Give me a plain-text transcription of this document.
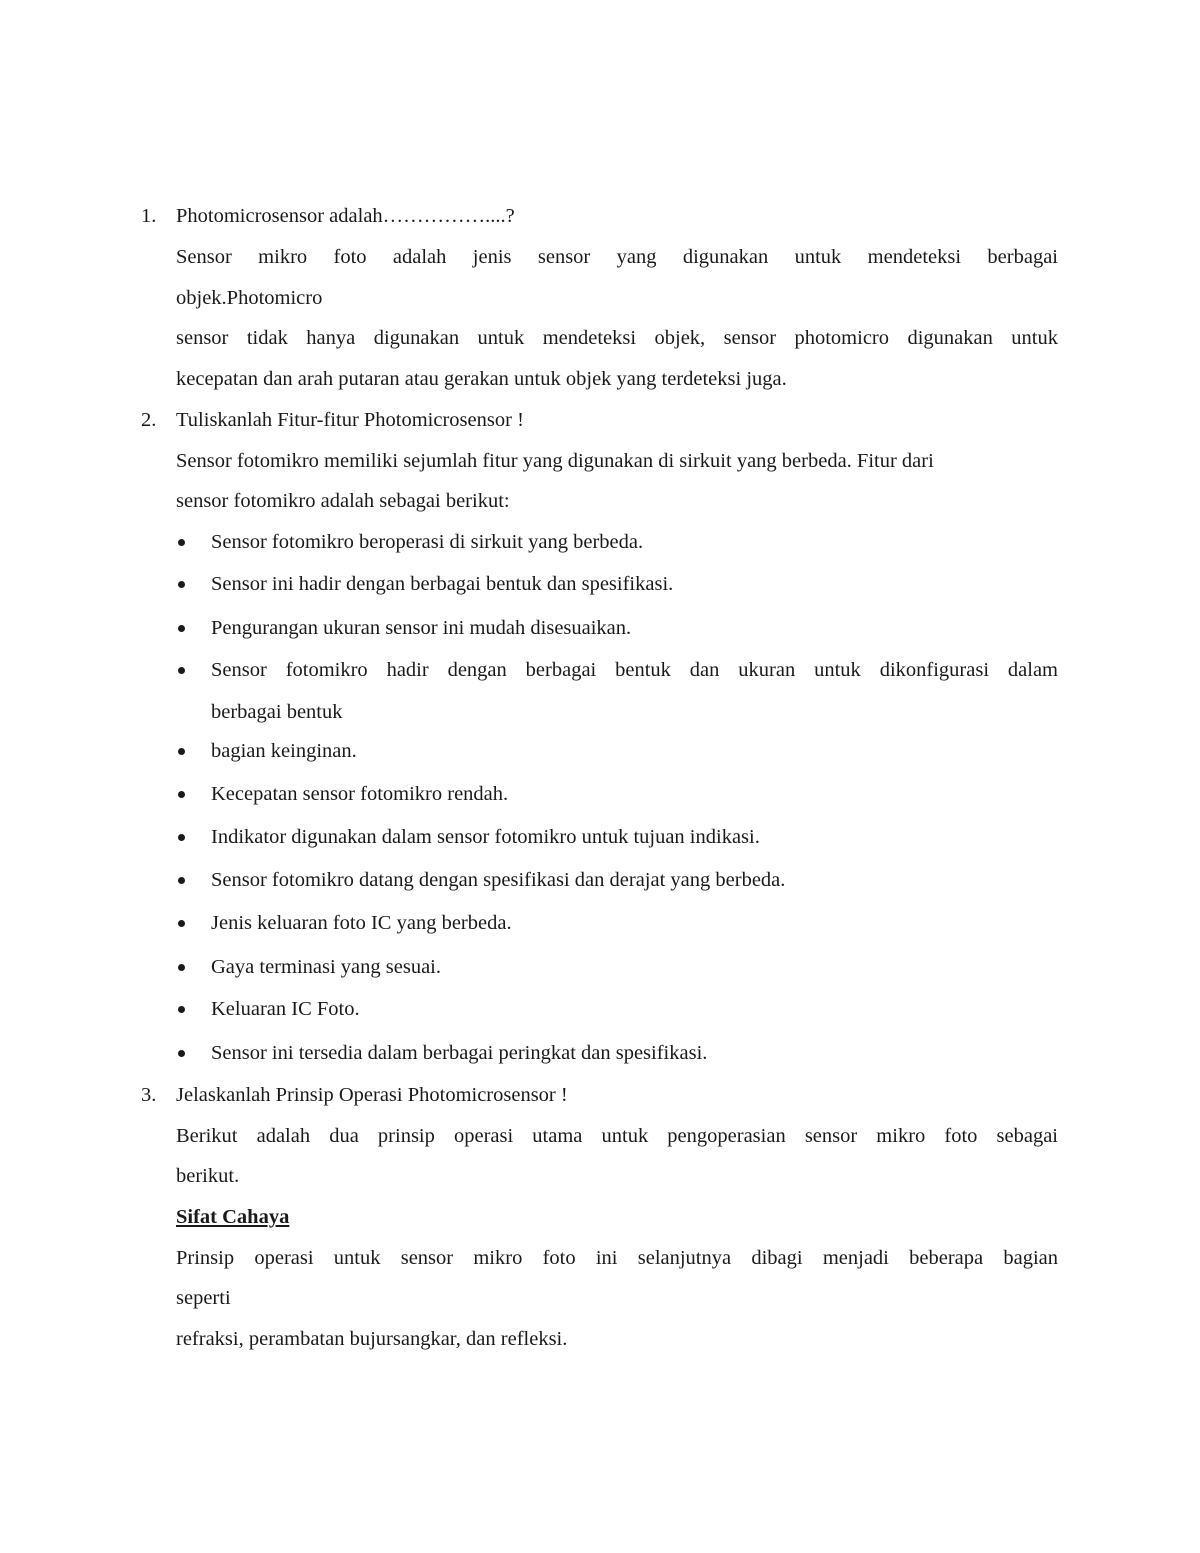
1. Photomicrosensor adalah……………....?
Sensor mikro foto adalah jenis sensor yang digunakan untuk mendeteksi berbagai
objek.Photomicro
sensor tidak hanya digunakan untuk mendeteksi objek, sensor photomicro digunakan untuk
kecepatan dan arah putaran atau gerakan untuk objek yang terdeteksi juga.
2. Tuliskanlah Fitur-fitur Photomicrosensor !
Sensor fotomikro memiliki sejumlah fitur yang digunakan di sirkuit yang berbeda. Fitur dari
sensor fotomikro adalah sebagai berikut:
Sensor fotomikro beroperasi di sirkuit yang berbeda.
Sensor ini hadir dengan berbagai bentuk dan spesifikasi.
Pengurangan ukuran sensor ini mudah disesuaikan.
Sensor fotomikro hadir dengan berbagai bentuk dan ukuran untuk dikonfigurasi dalam
berbagai bentuk
bagian keinginan.
Kecepatan sensor fotomikro rendah.
Indikator digunakan dalam sensor fotomikro untuk tujuan indikasi.
Sensor fotomikro datang dengan spesifikasi dan derajat yang berbeda.
Jenis keluaran foto IC yang berbeda.
Gaya terminasi yang sesuai.
Keluaran IC Foto.
Sensor ini tersedia dalam berbagai peringkat dan spesifikasi.
3. Jelaskanlah Prinsip Operasi Photomicrosensor !
Berikut adalah dua prinsip operasi utama untuk pengoperasian sensor mikro foto sebagai
berikut.
Sifat Cahaya
Prinsip operasi untuk sensor mikro foto ini selanjutnya dibagi menjadi beberapa bagian
seperti
refraksi, perambatan bujursangkar, dan refleksi.
